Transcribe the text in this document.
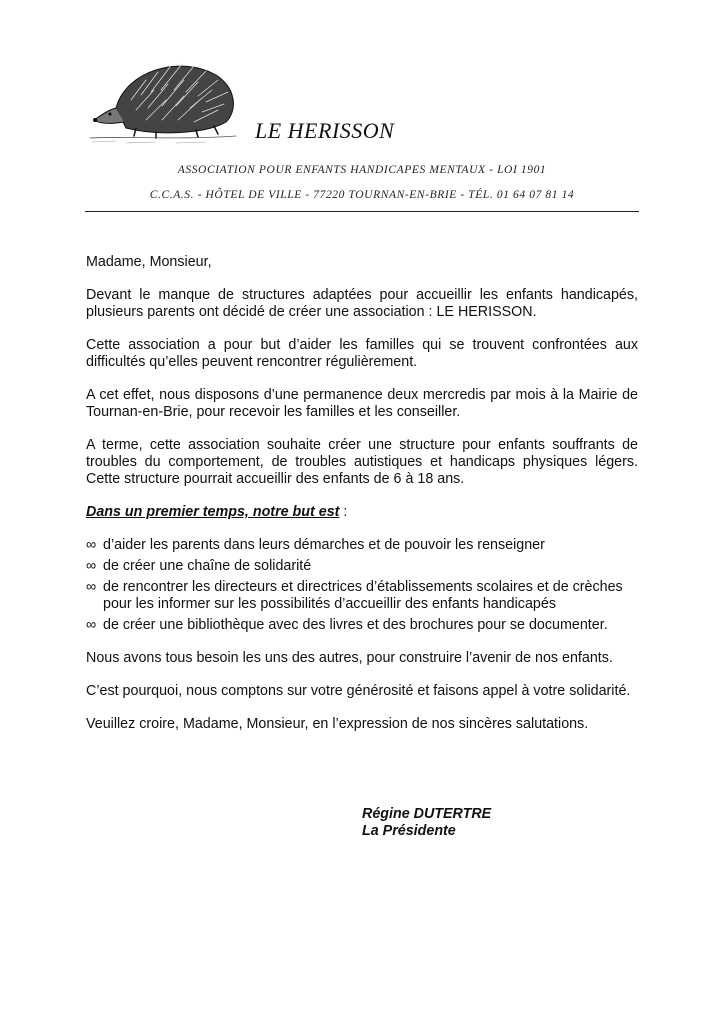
LE HERISSON
ASSOCIATION POUR ENFANTS HANDICAPES MENTAUX - LOI 1901
C.C.A.S. - HÔTEL DE VILLE - 77220 TOURNAN-EN-BRIE - TÉL. 01 64 07 81 14

Madame, Monsieur,

Devant le manque de structures adaptées pour accueillir les enfants handicapés, plusieurs parents ont décidé de créer une association : LE HERISSON.

Cette association a pour but d’aider les familles qui se trouvent confrontées aux difficultés qu’elles peuvent rencontrer régulièrement.

A cet effet, nous disposons d’une permanence deux mercredis par mois à la Mairie de Tournan-en-Brie, pour recevoir les familles et les conseiller.

A terme, cette association souhaite créer une structure pour enfants souffrants de troubles du comportement, de troubles autistiques et handicaps physiques légers. Cette structure pourrait accueillir des enfants de 6 à 18 ans.

Dans un premier temps, notre but est :

∞ d’aider les parents dans leurs démarches et de pouvoir les renseigner
∞ de créer une chaîne de solidarité
∞ de rencontrer les directeurs et directrices d’établissements scolaires et de crèches pour les informer sur les possibilités d’accueillir des enfants handicapés
∞ de créer une bibliothèque avec des livres et des brochures pour se documenter.

Nous avons tous besoin les uns des autres, pour construire l’avenir de nos enfants.

C’est pourquoi, nous comptons sur votre générosité et faisons appel à votre solidarité.

Veuillez croire, Madame, Monsieur, en l’expression de nos sincères salutations.

Régine DUTERTRE
La Présidente
